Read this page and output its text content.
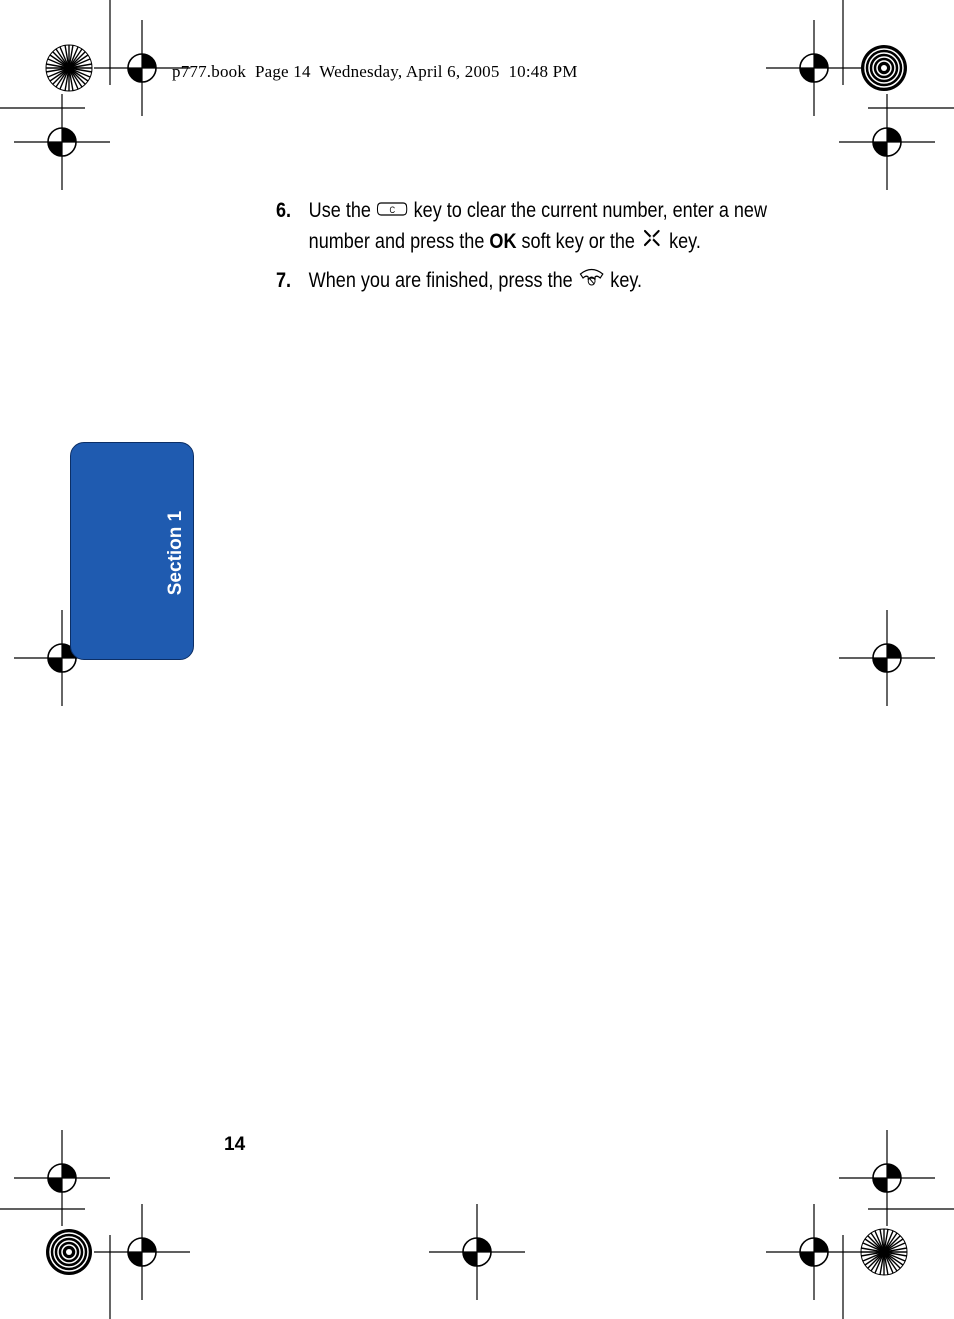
p777.book  Page 14  Wednesday, April 6, 2005  10:48 PM
6. Use the C key to clear the current number, enter a new
number and press the OK soft key or the key.
7. When you are finished, press the key.
Section 1
14
